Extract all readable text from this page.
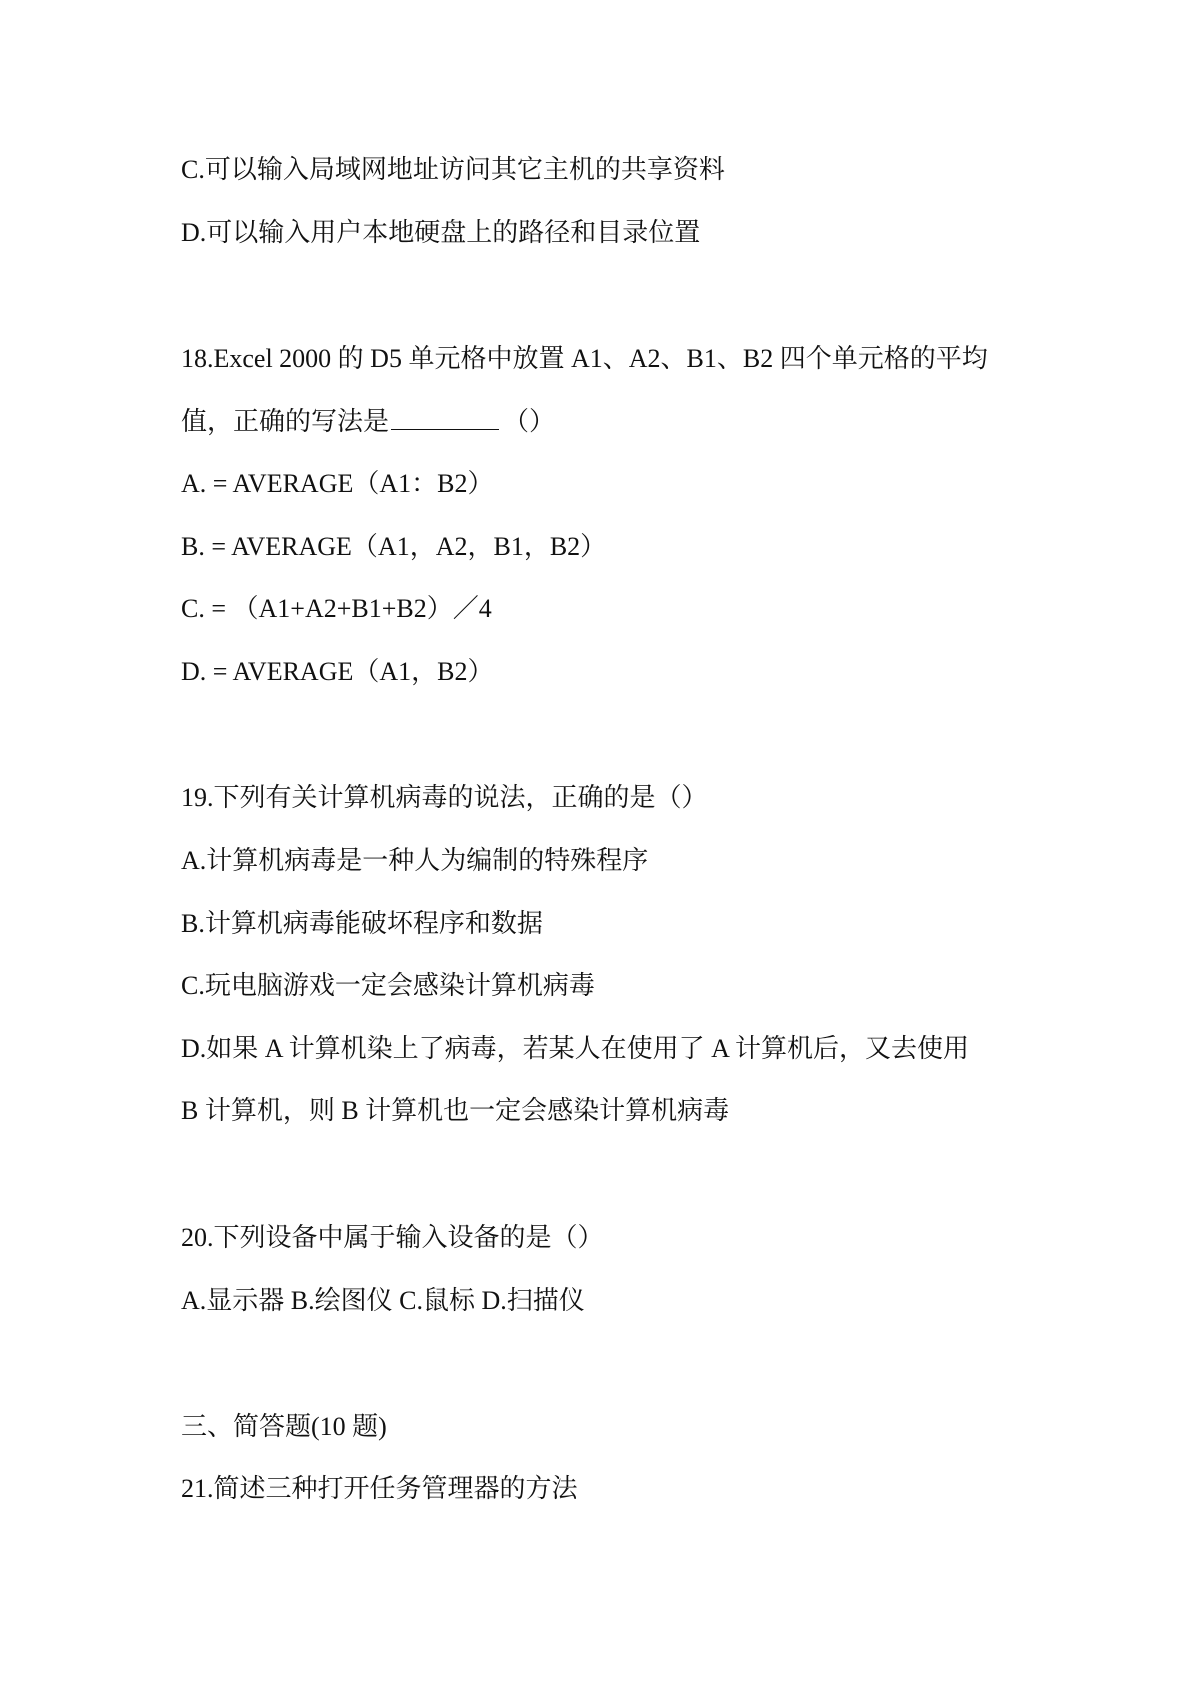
C.可以输入局域网地址访问其它主机的共享资料

D.可以输入用户本地硬盘上的路径和目录位置

18.Excel 2000 的 D5 单元格中放置 A1、A2、B1、B2 四个单元格的平均

值，正确的写法是	（）

A. = AVERAGE（A1：B2）

B. = AVERAGE（A1，A2，B1，B2）

C. = （A1+A2+B1+B2）／4

D. = AVERAGE（A1，B2）

19.下列有关计算机病毒的说法，正确的是（）

A.计算机病毒是一种人为编制的特殊程序

B.计算机病毒能破坏程序和数据

C.玩电脑游戏一定会感染计算机病毒

D.如果 A 计算机染上了病毒，若某人在使用了 A 计算机后，又去使用

B 计算机，则 B 计算机也一定会感染计算机病毒

20.下列设备中属于输入设备的是（）

A.显示器 B.绘图仪 C.鼠标 D.扫描仪

三、简答题(10 题)

21.简述三种打开任务管理器的方法
